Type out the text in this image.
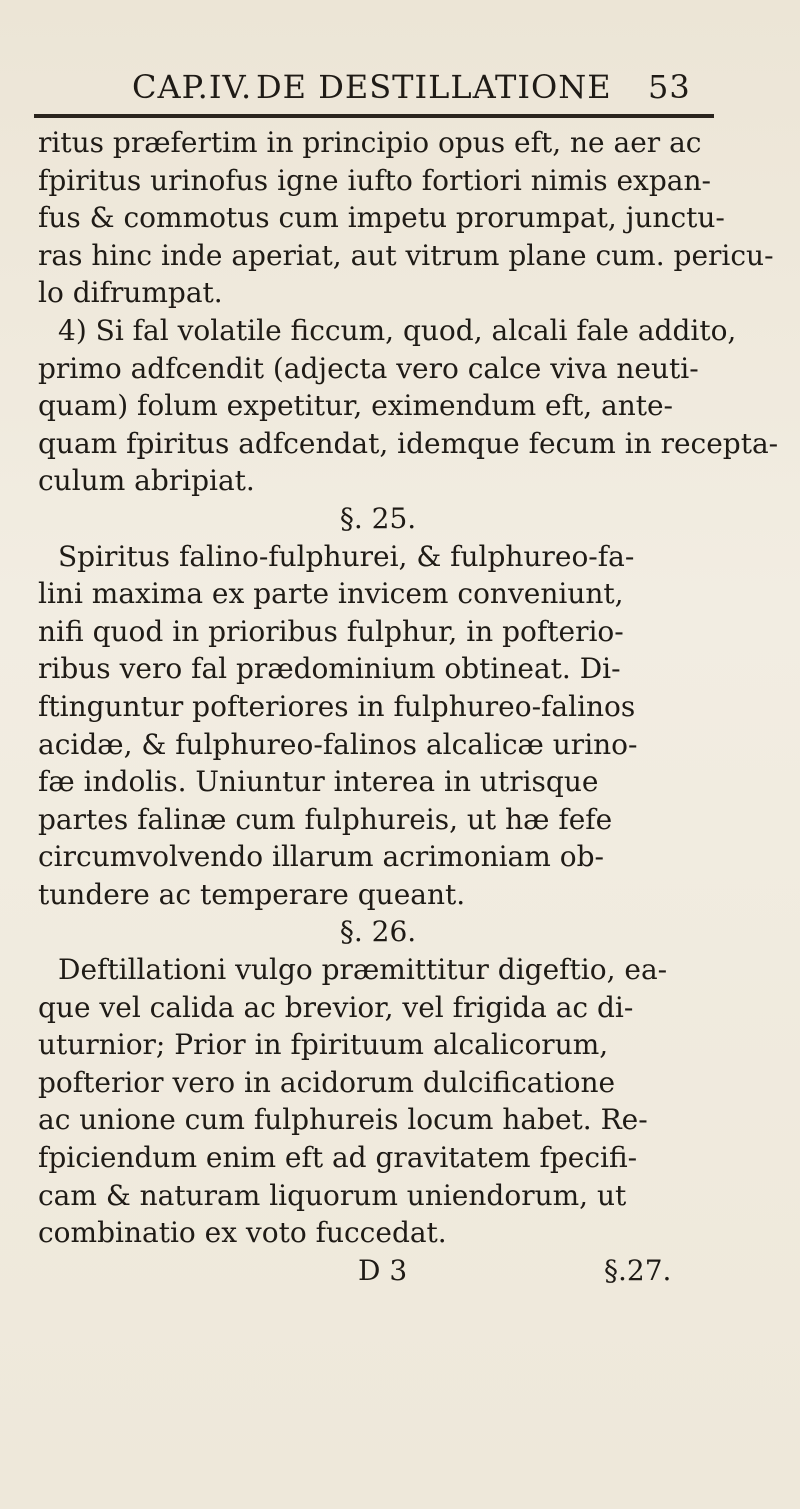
CAP.IV. DE DESTILLATIONE 53
ritus præfertim in principio opus eft, ne aer ac
fpiritus urinofus igne iufto fortiori nimis expan-
fus & commotus cum impetu prorumpat, junctu-
ras hinc inde aperiat, aut vitrum plane cum. pericu-
lo difrumpat.
4) Si fal volatile ficcum, quod, alcali fale addito,
primo adfcendit (adjecta vero calce viva neuti-
quam) folum expetitur, eximendum eft, ante-
quam fpiritus adfcendat, idemque fecum in recepta-
culum abripiat.
§. 25.
Spiritus falino-fulphurei, & fulphureo-fa-
lini maxima ex parte invicem conveniunt,
nifi quod in prioribus fulphur, in pofterio-
ribus vero fal prædominium obtineat. Di-
ftinguntur pofteriores in fulphureo-falinos
acidæ, & fulphureo-falinos alcalicæ urino-
fæ indolis. Uniuntur interea in utrisque
partes falinæ cum fulphureis, ut hæ fefe
circumvolvendo illarum acrimoniam ob-
tundere ac temperare queant.
§. 26.
Deftillationi vulgo præmittitur digeftio, ea-
que vel calida ac brevior, vel frigida ac di-
uturnior; Prior in fpirituum alcalicorum,
pofterior vero in acidorum dulcificatione
ac unione cum fulphureis locum habet. Re-
fpiciendum enim eft ad gravitatem fpecifi-
cam & naturam liquorum uniendorum, ut
combinatio ex voto fuccedat.
D 3	§.27.
